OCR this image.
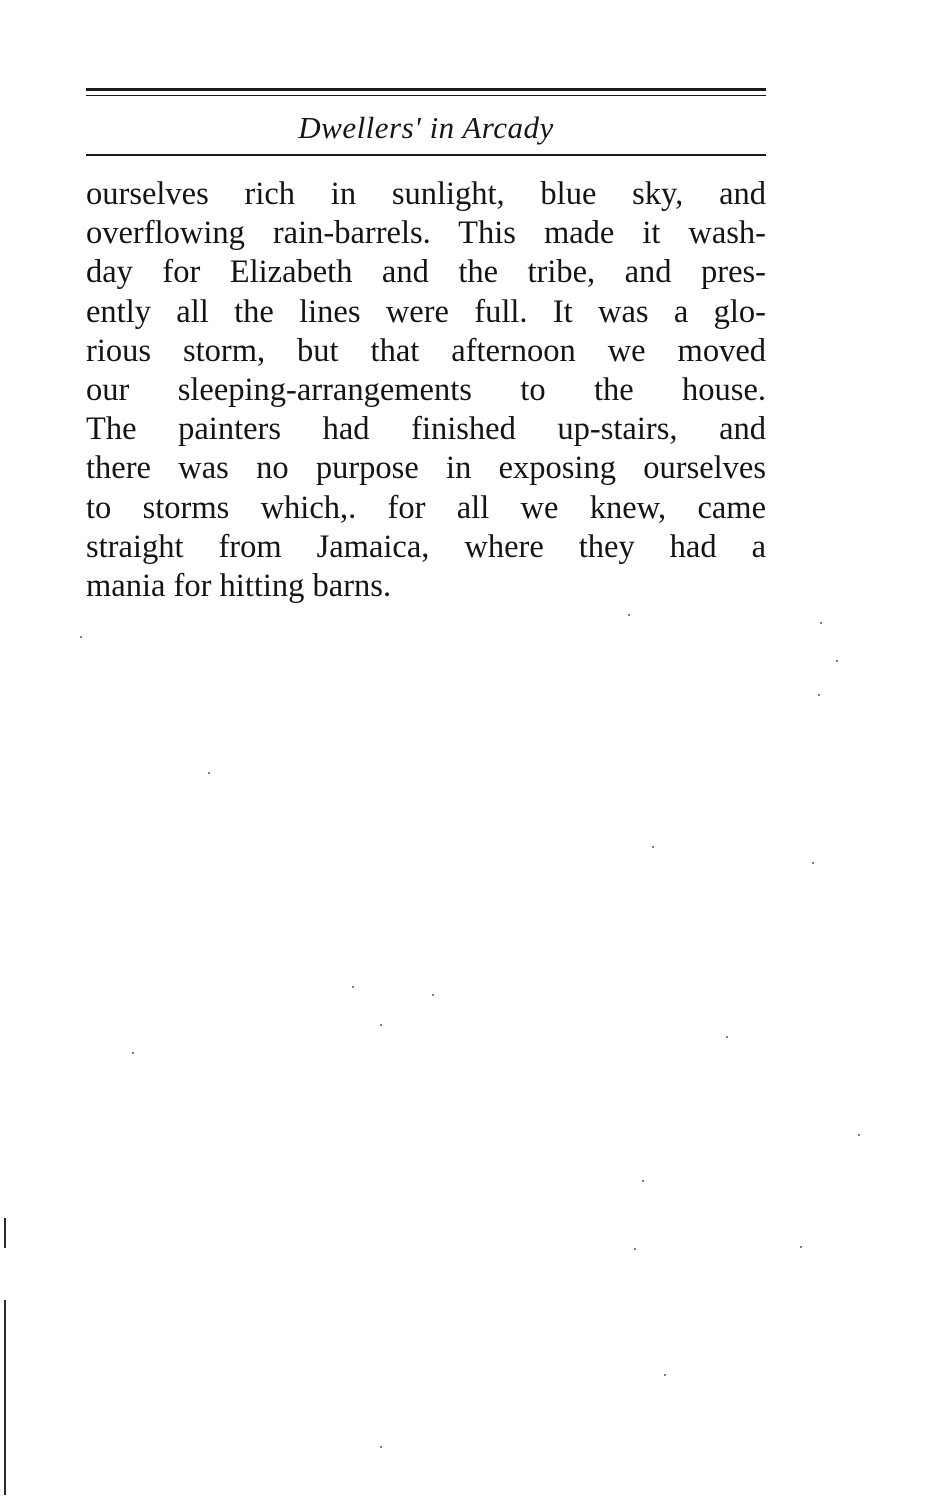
Dwellers' in Arcady
ourselves rich in sunlight, blue sky, and
overflowing rain-barrels. This made it wash-
day for Elizabeth and the tribe, and pres-
ently all the lines were full. It was a glo-
rious storm, but that afternoon we moved
our sleeping-arrangements to the house.
The painters had finished up-stairs, and
there was no purpose in exposing ourselves
to storms which,. for all we knew, came
straight from Jamaica, where they had a
mania for hitting barns.
